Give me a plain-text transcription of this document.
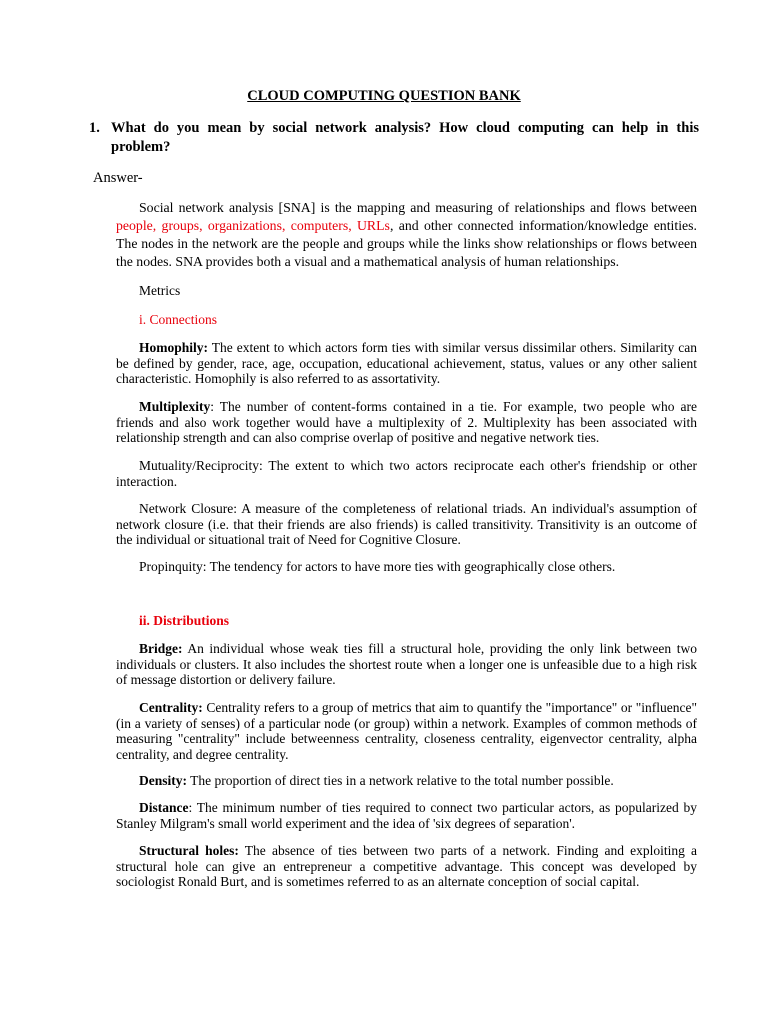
CLOUD COMPUTING QUESTION BANK
1. What do you mean by social network analysis? How cloud computing can help in this problem?
Answer-
Social network analysis [SNA] is the mapping and measuring of relationships and flows between people, groups, organizations, computers, URLs, and other connected information/knowledge entities. The nodes in the network are the people and groups while the links show relationships or flows between the nodes. SNA provides both a visual and a mathematical analysis of human relationships.
Metrics
i. Connections
Homophily: The extent to which actors form ties with similar versus dissimilar others. Similarity can be defined by gender, race, age, occupation, educational achievement, status, values or any other salient characteristic. Homophily is also referred to as assortativity.
Multiplexity: The number of content-forms contained in a tie. For example, two people who are friends and also work together would have a multiplexity of 2. Multiplexity has been associated with relationship strength and can also comprise overlap of positive and negative network ties.
Mutuality/Reciprocity: The extent to which two actors reciprocate each other's friendship or other interaction.
Network Closure: A measure of the completeness of relational triads. An individual's assumption of network closure (i.e. that their friends are also friends) is called transitivity. Transitivity is an outcome of the individual or situational trait of Need for Cognitive Closure.
Propinquity: The tendency for actors to have more ties with geographically close others.
ii. Distributions
Bridge: An individual whose weak ties fill a structural hole, providing the only link between two individuals or clusters. It also includes the shortest route when a longer one is unfeasible due to a high risk of message distortion or delivery failure.
Centrality: Centrality refers to a group of metrics that aim to quantify the "importance" or "influence" (in a variety of senses) of a particular node (or group) within a network. Examples of common methods of measuring "centrality" include betweenness centrality, closeness centrality, eigenvector centrality, alpha centrality, and degree centrality.
Density: The proportion of direct ties in a network relative to the total number possible.
Distance: The minimum number of ties required to connect two particular actors, as popularized by Stanley Milgram's small world experiment and the idea of 'six degrees of separation'.
Structural holes: The absence of ties between two parts of a network. Finding and exploiting a structural hole can give an entrepreneur a competitive advantage. This concept was developed by sociologist Ronald Burt, and is sometimes referred to as an alternate conception of social capital.
